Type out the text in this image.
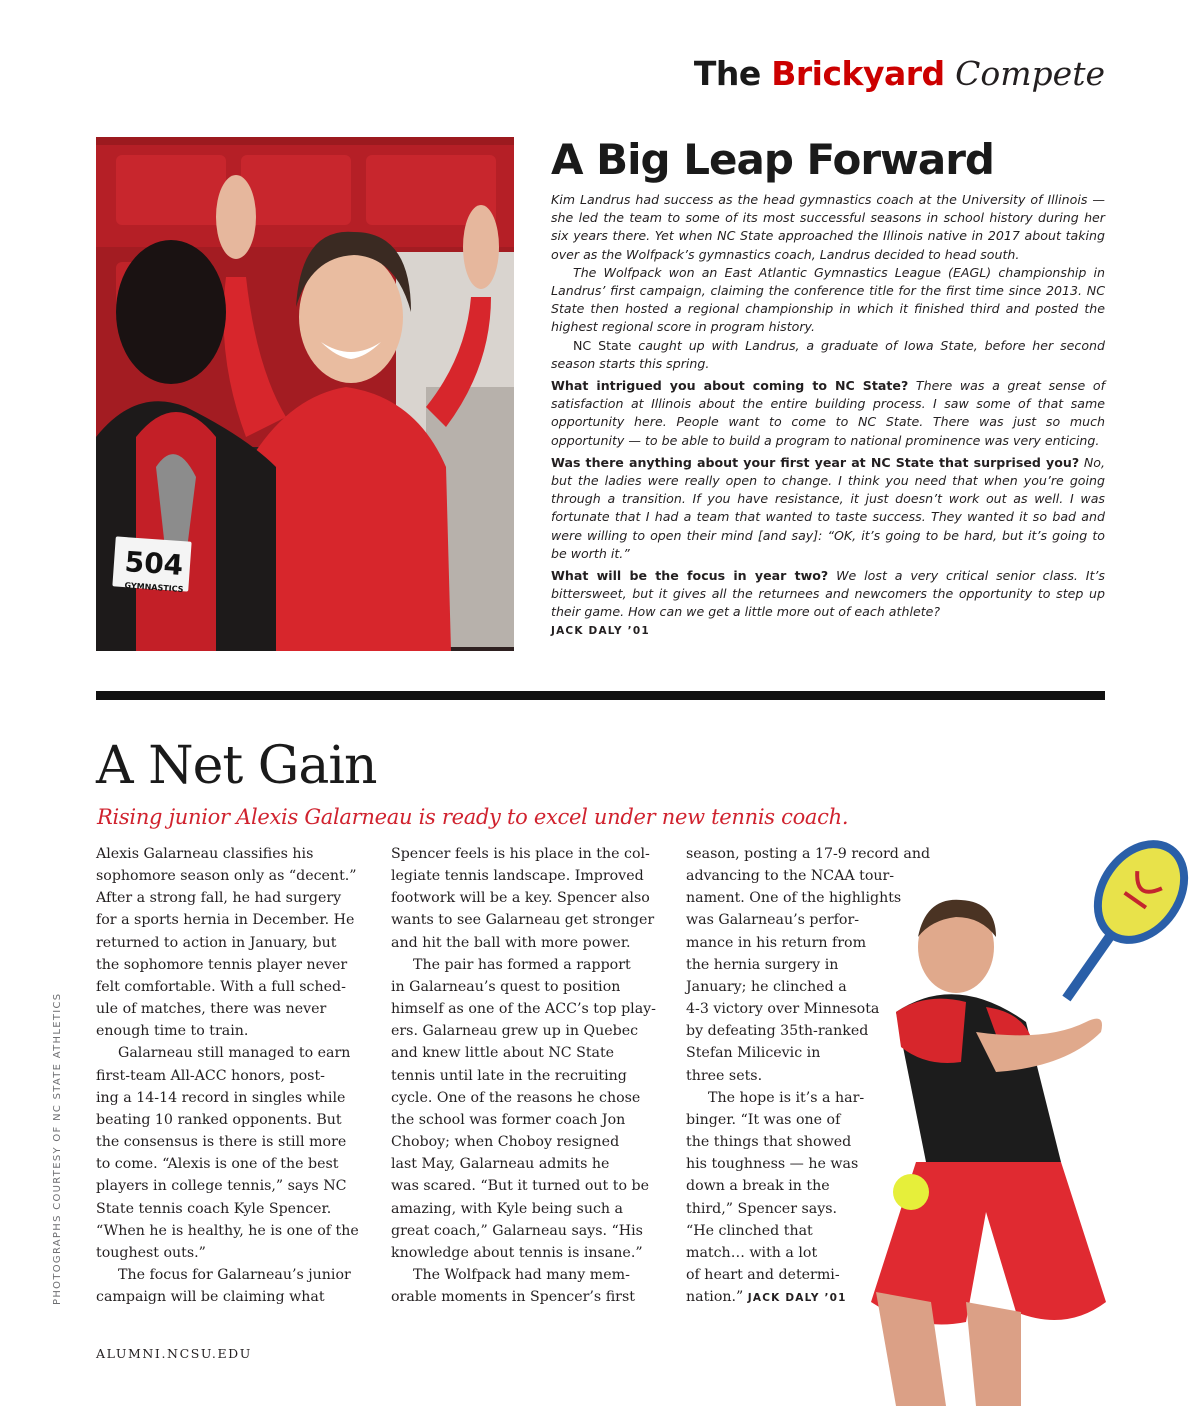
The Brickyard Compete
504
GYMNASTICS
A Big Leap Forward

Kim Landrus had success as the head gymnastics coach at the University of Illinois — she led the team to some of its most successful seasons in school history during her six years there. Yet when NC State approached the Illinois native in 2017 about taking over as the Wolfpack’s gymnastics coach, Landrus decided to head south.

The Wolfpack won an East Atlantic Gymnastics League (EAGL) championship in Landrus’ first campaign, claiming the conference title for the first time since 2013. NC State then hosted a regional championship in which it finished third and posted the highest regional score in program history.

NC State caught up with Landrus, a graduate of Iowa State, before her second season starts this spring.

What intrigued you about coming to NC State? There was a great sense of satisfaction at Illinois about the entire building process. I saw some of that same opportunity here. People want to come to NC State. There was just so much opportunity — to be able to build a program to national prominence was very enticing.

Was there anything about your first year at NC State that surprised you? No, but the ladies were really open to change. I think you need that when you’re going through a transition. If you have resistance, it just doesn’t work out as well. I was fortunate that I had a team that wanted to taste success. They wanted it so bad and were willing to open their mind [and say]: “OK, it’s going to be hard, but it’s going to be worth it.”

What will be the focus in year two? We lost a very critical senior class. It’s bittersweet, but it gives all the returnees and newcomers the opportunity to step up their game. How can we get a little more out of each athlete?

JACK DALY ’01

A Net Gain
Rising junior Alexis Galarneau is ready to excel under new tennis coach.
Alexis Galarneau classifies his
sophomore season only as “decent.”
After a strong fall, he had surgery
for a sports hernia in December. He
returned to action in January, but
the sophomore tennis player never
felt comfortable. With a full sched-
ule of matches, there was never
enough time to train.
Galarneau still managed to earn
first-team All-ACC honors, post-
ing a 14-14 record in singles while
beating 10 ranked opponents. But
the consensus is there is still more
to come. “Alexis is one of the best
players in college tennis,” says NC
State tennis coach Kyle Spencer.
“When he is healthy, he is one of the
toughest outs.”
The focus for Galarneau’s junior
campaign will be claiming what
Spencer feels is his place in the col-
legiate tennis landscape. Improved
footwork will be a key. Spencer also
wants to see Galarneau get stronger
and hit the ball with more power.
The pair has formed a rapport
in Galarneau’s quest to position
himself as one of the ACC’s top play-
ers. Galarneau grew up in Quebec
and knew little about NC State
tennis until late in the recruiting
cycle. One of the reasons he chose
the school was former coach Jon
Choboy; when Choboy resigned
last May, Galarneau admits he
was scared. “But it turned out to be
amazing, with Kyle being such a
great coach,” Galarneau says. “His
knowledge about tennis is insane.”
The Wolfpack had many mem-
orable moments in Spencer’s first
season, posting a 17-9 record and
advancing to the NCAA tour-
nament. One of the highlights
was Galarneau’s perfor-
mance in his return from
the hernia surgery in
January; he clinched a
4-3 victory over Minnesota
by defeating 35th-ranked
Stefan Milicevic in
three sets.
The hope is it’s a har-
binger. “It was one of
the things that showed
his toughness — he was
down a break in the
third,” Spencer says.
“He clinched that
match… with a lot
of heart and determi-
nation.” JACK DALY ’01
PHOTOGRAPHS COURTESY OF NC STATE ATHLETICS
ALUMNI.NCSU.EDU
